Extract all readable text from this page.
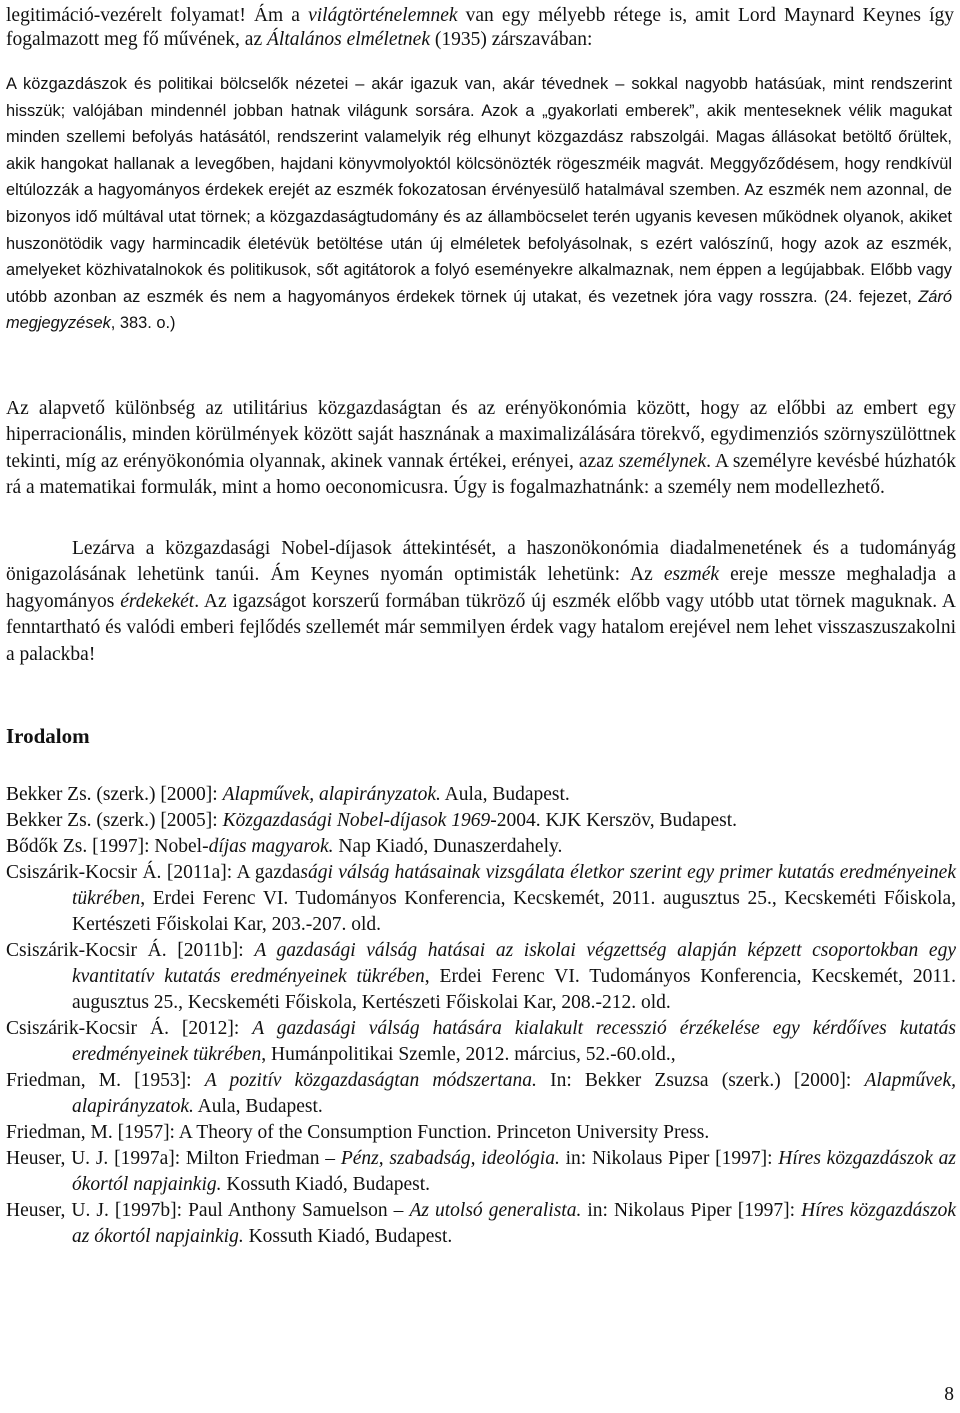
legitimáció-vezérelt folyamat! Ám a világtörténelemnek van egy mélyebb rétege is, amit Lord Maynard Keynes így fogalmazott meg fő művének, az Általános elméletnek (1935) zárszavában:

A közgazdászok és politikai bölcselők nézetei – akár igazuk van, akár tévednek – sokkal nagyobb hatásúak, mint rendszerint hisszük; valójában mindennél jobban hatnak világunk sorsára. Azok a „gyakorlati emberek”, akik menteseknek vélik magukat minden szellemi befolyás hatásától, rendszerint valamelyik rég elhunyt közgazdász rabszolgái. Magas állásokat betöltő őrültek, akik hangokat hallanak a levegőben, hajdani könyvmolyoktól kölcsönözték rögeszméik magvát. Meggyőződésem, hogy rendkívül eltúlozzák a hagyományos érdekek erejét az eszmék fokozatosan érvényesülő hatalmával szemben. Az eszmék nem azonnal, de bizonyos idő múltával utat törnek; a közgazdaságtudomány és az államböcselet terén ugyanis kevesen működnek olyanok, akiket huszonötödik vagy harmincadik életévük betöltése után új elméletek befolyásolnak, s ezért valószínű, hogy azok az eszmék, amelyeket közhivatalnokok és politikusok, sőt agitátorok a folyó eseményekre alkalmaznak, nem éppen a legújabbak. Előbb vagy utóbb azonban az eszmék és nem a hagyományos érdekek törnek új utakat, és vezetnek jóra vagy rosszra. (24. fejezet, Záró megjegyzések, 383. o.)

Az alapvető különbség az utilitárius közgazdaságtan és az erényökonómia között, hogy az előbbi az embert egy hiperracionális, minden körülmények között saját hasznának a maximalizálására törekvő, egydimenziós szörnyszülöttnek tekinti, míg az erényökonómia olyannak, akinek vannak értékei, erényei, azaz személynek. A személyre kevésbé húzhatók rá a matematikai formulák, mint a homo oeconomicusra. Úgy is fogalmazhatnánk: a személy nem modellezhető.

Lezárva a közgazdasági Nobel-díjasok áttekintését, a haszonökonómia diadalmenetének és a tudományág önigazolásának lehetünk tanúi. Ám Keynes nyomán optimisták lehetünk: Az eszmék ereje messze meghaladja a hagyományos érdekekét. Az igazságot korszerű formában tükröző új eszmék előbb vagy utóbb utat törnek maguknak. A fenntartható és valódi emberi fejlődés szellemét már semmilyen érdek vagy hatalom erejével nem lehet visszaszuszakolni a palackba!

Irodalom
Bekker Zs. (szerk.) [2000]: Alapművek, alapirányzatok. Aula, Budapest.
Bekker Zs. (szerk.) [2005]: Közgazdasági Nobel-díjasok 1969-2004. KJK Kerszöv, Budapest.
Bődők Zs. [1997]: Nobel-díjas magyarok. Nap Kiadó, Dunaszerdahely.
Csiszárik-Kocsir Á. [2011a]: A gazdasági válság hatásainak vizsgálata életkor szerint egy primer kutatás eredményeinek tükrében, Erdei Ferenc VI. Tudományos Konferencia, Kecskemét, 2011. augusztus 25., Kecskeméti Főiskola, Kertészeti Főiskolai Kar, 203.-207. old.
Csiszárik-Kocsir Á. [2011b]: A gazdasági válság hatásai az iskolai végzettség alapján képzett csoportokban egy kvantitatív kutatás eredményeinek tükrében, Erdei Ferenc VI. Tudományos Konferencia, Kecskemét, 2011. augusztus 25., Kecskeméti Főiskola, Kertészeti Főiskolai Kar, 208.-212. old.
Csiszárik-Kocsir Á. [2012]: A gazdasági válság hatására kialakult recesszió érzékelése egy kérdőíves kutatás eredményeinek tükrében, Humánpolitikai Szemle, 2012. március, 52.-60.old.,
Friedman, M. [1953]: A pozitív közgazdaságtan módszertana. In: Bekker Zsuzsa (szerk.) [2000]: Alapművek, alapirányzatok. Aula, Budapest.
Friedman, M. [1957]: A Theory of the Consumption Function. Princeton University Press.
Heuser, U. J. [1997a]: Milton Friedman – Pénz, szabadság, ideológia. in: Nikolaus Piper [1997]: Híres közgazdászok az ókortól napjainkig. Kossuth Kiadó, Budapest.
Heuser, U. J. [1997b]: Paul Anthony Samuelson – Az utolsó generalista. in: Nikolaus Piper [1997]: Híres közgazdászok az ókortól napjainkig. Kossuth Kiadó, Budapest.

8
